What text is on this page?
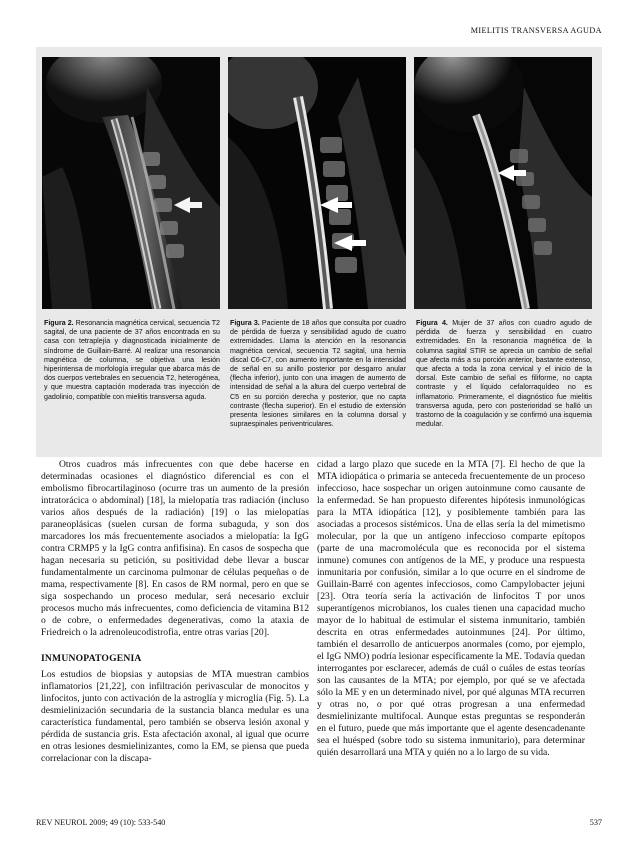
MIELITIS TRANSVERSA AGUDA
Figura 2. Resonancia magnética cervical, secuencia T2 sagital, de una paciente de 37 años encontrada en su casa con tetraplejía y diagnosticada inicialmente de síndrome de Guillain-Barré. Al realizar una resonancia magnética de columna, se objetiva una lesión hiperintensa de morfología irregular que abarca más de dos cuerpos vertebrales en secuencia T2, heterogénea, y que muestra captación moderada tras inyección de gadolinio, compatible con mielitis transversa aguda.
Figura 3. Paciente de 18 años que consulta por cuadro de pérdida de fuerza y sensibilidad agudo de cuatro extremidades. Llama la atención en la resonancia magnética cervical, secuencia T2 sagital, una hernia discal C6-C7, con aumento importante en la intensidad de señal en su anillo posterior por desgarro anular (flecha inferior), junto con una imagen de aumento de intensidad de señal a la altura del cuerpo vertebral de C5 en su porción derecha y posterior, que no capta contraste (flecha superior). En el estudio de extensión presenta lesiones similares en la columna dorsal y supraespinales periventriculares.
Figura 4. Mujer de 37 años con cuadro agudo de pérdida de fuerza y sensibilidad en cuatro extremidades. En la resonancia magnética de la columna sagital STIR se aprecia un cambio de señal que afecta más a su porción anterior, bastante extenso, que afecta a toda la zona cervical y el inicio de la dorsal. Este cambio de señal es filiforme, no capta contraste y el líquido cefalorraquídeo no es inflamatorio. Primeramente, el diagnóstico fue mielitis transversa aguda, pero con posterioridad se halló un trastorno de la coagulación y se confirmó una isquemia medular.

Otros cuadros más infrecuentes con que debe hacerse en determinadas ocasiones el diagnóstico diferencial es con el embolismo fibrocartilaginoso (ocurre tras un aumento de la presión intratorácica o abdominal) [18], la mielopatía tras radiación (incluso varios años después de la radiación) [19] o las mielopatías paraneoplásicas (suelen cursan de forma subaguda, y son dos marcadores los más frecuentemente asociados a mielopatía: la IgG contra CRMP5 y la IgG contra anfifisina). En casos de sospecha que hagan necesaria su petición, su positividad debe llevar a buscar fundamentalmente un carcinoma pulmonar de células pequeñas o de mama, respectivamente [8]. En casos de RM normal, pero en que se siga sospechando un proceso medular, será necesario excluir procesos mucho más infrecuentes, como deficiencia de vitamina B12 o de cobre, o enfermedades degenerativas, como la ataxia de Friedreich o la adrenoleucodistrofia, entre otras varias [20].

INMUNOPATOGENIA

Los estudios de biopsias y autopsias de MTA muestran cambios inflamatorios [21,22], con infiltración perivascular de monocitos y linfocitos, junto con activación de la astroglía y microglía (Fig. 5). La desmielinización secundaria de la sustancia blanca medular es una característica fundamental, pero también se observa lesión axonal y pérdida de sustancia gris. Esta afectación axonal, al igual que ocurre en otras lesiones desmielinizantes, como la EM, se piensa que pueda correlacionar con la discapa-

cidad a largo plazo que sucede en la MTA [7]. El hecho de que la MTA idiopática o primaria se anteceda frecuentemente de un proceso infeccioso, hace sospechar un origen autoinmune como causante de la enfermedad. Se han propuesto diferentes hipótesis inmunológicas para la MTA idiopática [12], y posiblemente también para las asociadas a procesos sistémicos. Una de ellas sería la del mimetismo molecular, por la que un antígeno infeccioso comparte epítopos (parte de una macromolécula que es reconocida por el sistema inmune) comunes con antígenos de la ME, y produce una respuesta inmunitaria por confusión, similar a lo que ocurre en el síndrome de Guillain-Barré con agentes infecciosos, como Campylobacter jejuni [23]. Otra teoría sería la activación de linfocitos T por unos superantígenos microbianos, los cuales tienen una capacidad mucho mayor de lo habitual de estimular el sistema inmunitario, también descrita en otras enfermedades autoinmunes [24]. Por último, también el desarrollo de anticuerpos anormales (como, por ejemplo, el IgG NMO) podría lesionar específicamente la ME. Todavía quedan interrogantes por esclarecer, además de cuál o cuáles de estas teorías son las causantes de la MTA; por ejemplo, por qué se ve afectada sólo la ME y en un determinado nivel, por qué algunas MTA recurren y otras no, o por qué otras progresan a una enfermedad desmielinizante multifocal. Aunque estas preguntas se responderán en el futuro, puede que más importante que el agente desencadenante sea el huésped (sobre todo su sistema inmunitario), para determinar quién desarrollará una MTA y quién no a lo largo de su vida.

REV NEUROL 2009; 49 (10): 533-540	537
